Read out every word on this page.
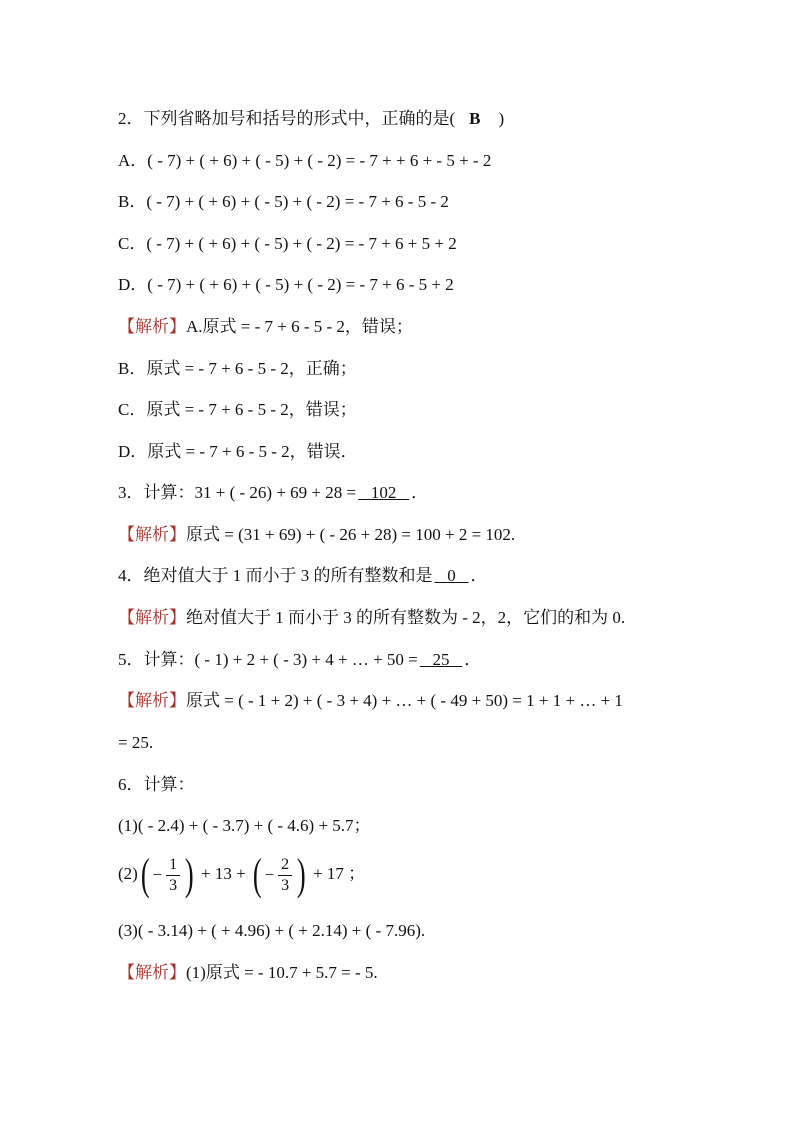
2．下列省略加号和括号的形式中，正确的是( B )
A．( - 7) + ( + 6) + ( - 5) + ( - 2) = - 7 + + 6 + - 5 + - 2
B．( - 7) + ( + 6) + ( - 5) + ( - 2) = - 7 + 6 - 5 - 2
C．( - 7) + ( + 6) + ( - 5) + ( - 2) = - 7 + 6 + 5 + 2
D．( - 7) + ( + 6) + ( - 5) + ( - 2) = - 7 + 6 - 5 + 2
【解析】A.原式 = - 7 + 6 - 5 - 2，错误；
B．原式 = - 7 + 6 - 5 - 2，正确；
C．原式 = - 7 + 6 - 5 - 2，错误；
D．原式 = - 7 + 6 - 5 - 2，错误．
3．计算：31 + ( - 26) + 69 + 28 = 102 ．
【解析】原式 = (31 + 69) + ( - 26 + 28) = 100 + 2 = 102.
4．绝对值大于 1 而小于 3 的所有整数和是 0 ．
【解析】绝对值大于 1 而小于 3 的所有整数为 - 2，2，它们的和为 0.
5．计算：( - 1) + 2 + ( - 3) + 4 + … + 50 = 25 ．
【解析】原式 = ( - 1 + 2) + ( - 3 + 4) + … + ( - 49 + 50) = 1 + 1 + … + 1
= 25.
6．计算：
(1)( - 2.4) + ( - 3.7) + ( - 4.6) + 5.7；
(2) ( − $\frac{1}{3}$ ) + 13 + ( − $\frac{2}{3}$ ) + 17 ；
(3)( - 3.14) + ( + 4.96) + ( + 2.14) + ( - 7.96).
【解析】(1)原式 = - 10.7 + 5.7 = - 5.
